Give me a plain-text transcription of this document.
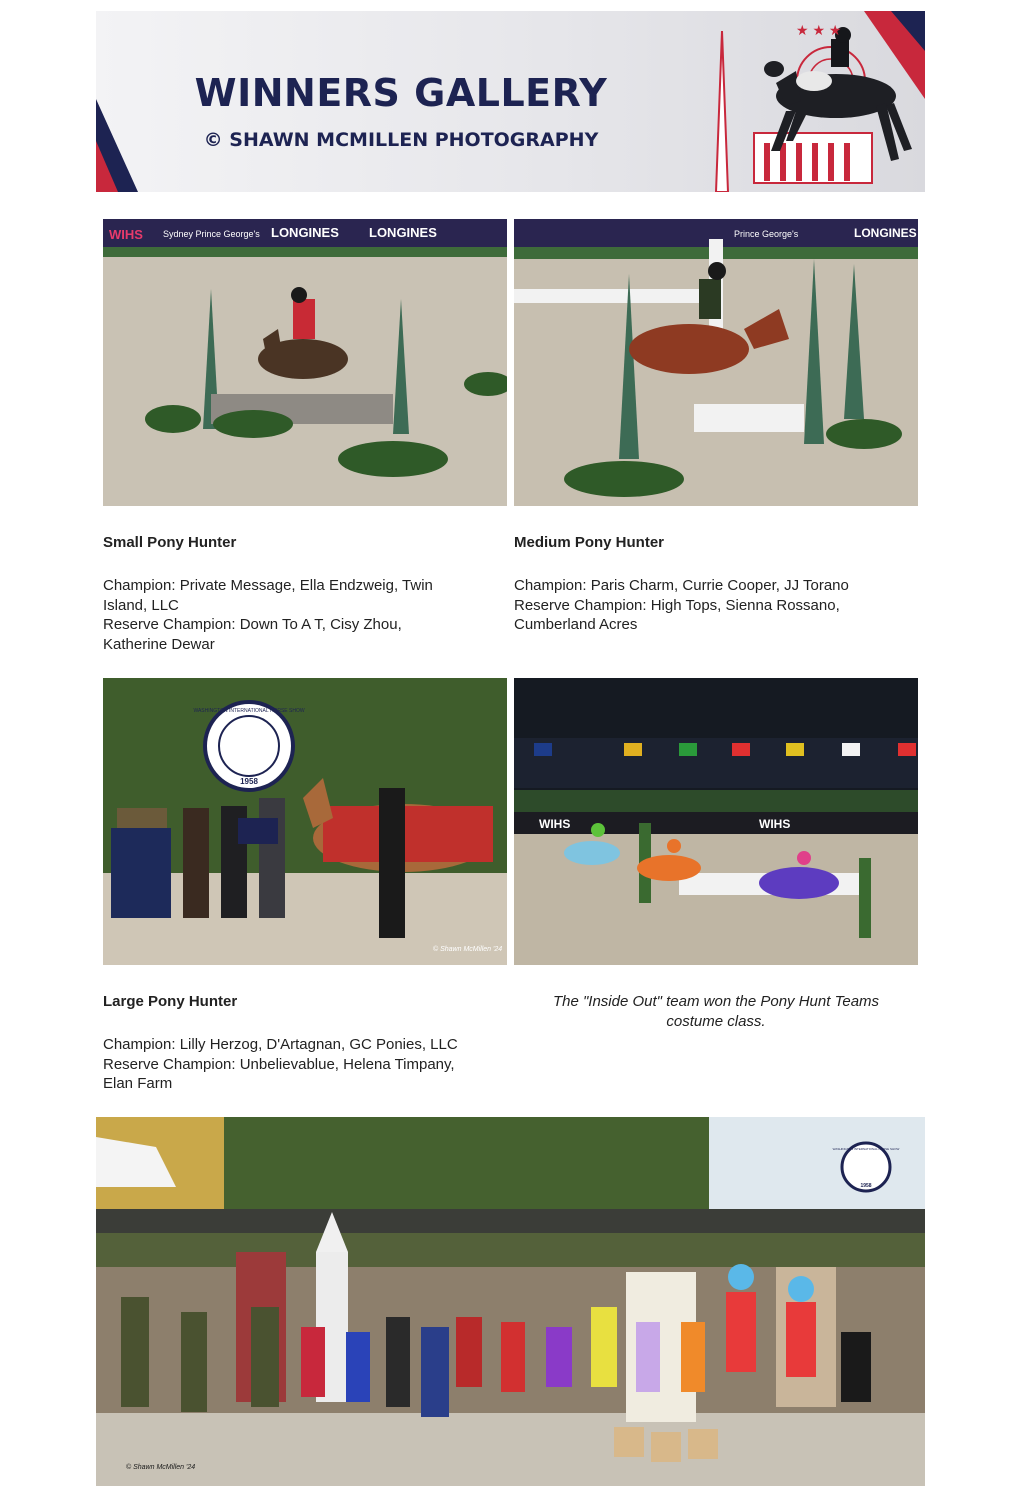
★ ★ ★
WINNERS GALLERY
© SHAWN MCMILLEN PHOTOGRAPHY
WIHS Sydney Prince George's LONGINES LONGINES	Prince George's	LONGINES
Small Pony Hunter
Champion: Private Message, Ella Endzweig, Twin
Island, LLC
Reserve Champion: Down To A T, Cisy Zhou,
Katherine Dewar
Medium Pony Hunter
Champion: Paris Charm, Currie Cooper, JJ Torano
Reserve Champion: High Tops, Sienna Rossano,
Cumberland Acres
1958
WASHINGTON INTERNATIONAL HORSE SHOW
© Shawn McMillen '24
WIHS	WIHS
Large Pony Hunter
Champion: Lilly Herzog, D'Artagnan, GC Ponies, LLC
Reserve Champion: Unbelievablue, Helena Timpany,
Elan Farm
The "Inside Out" team won the Pony Hunt Teams
costume class.
1958
WASHINGTON INTERNATIONAL HORSE SHOW
© Shawn McMillen '24
